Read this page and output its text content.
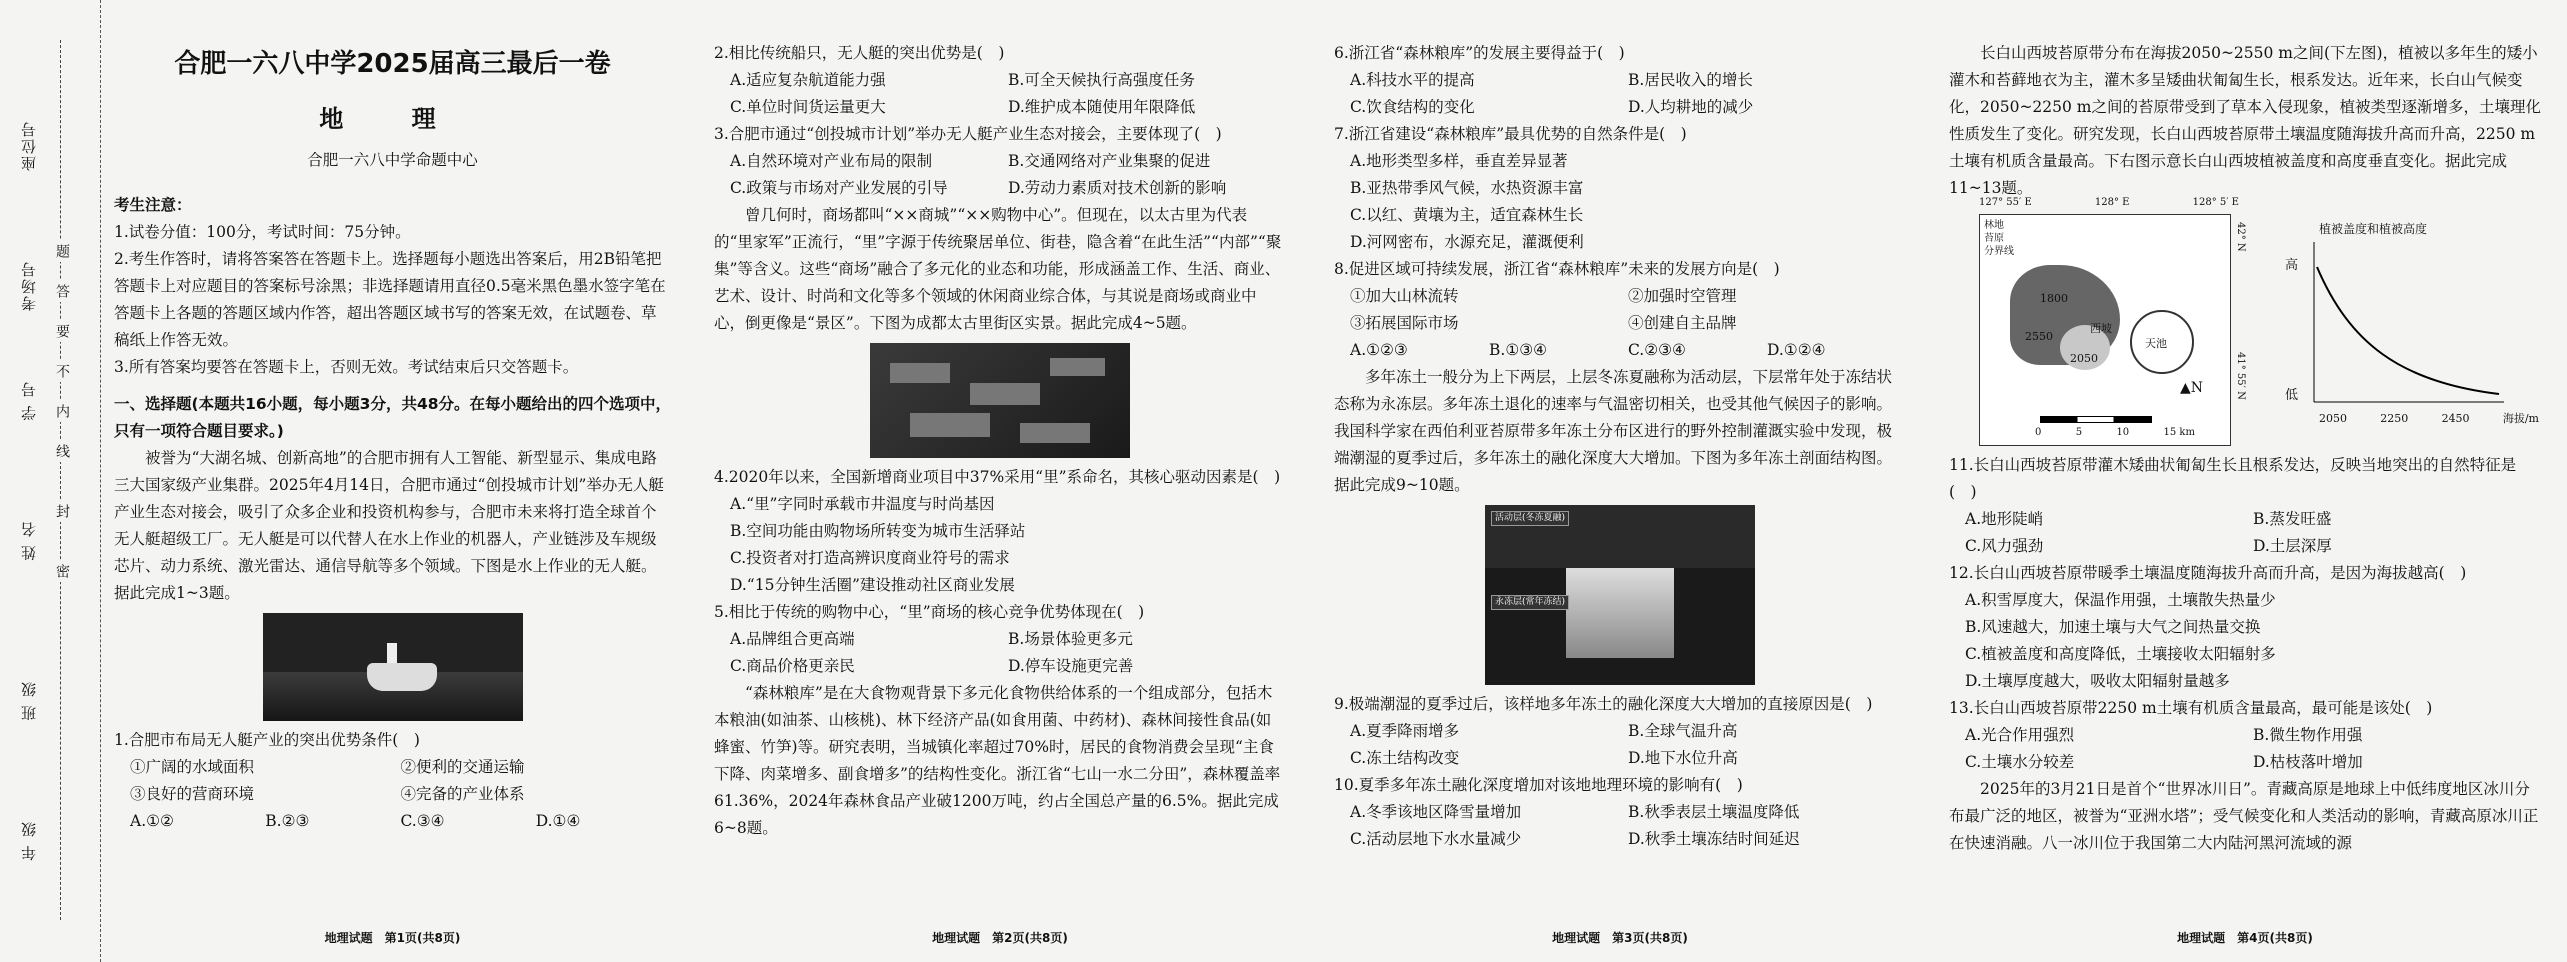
年 级
班 级
姓 名
学 号
考场号
座位号
密
封
线
内
不
要
答
题
合肥一六八中学2025届高三最后一卷
地 理
合肥一六八中学命题中心
考生注意：
1.试卷分值：100分，考试时间：75分钟。
2.考生作答时，请将答案答在答题卡上。选择题每小题选出答案后，用2B铅笔把答题卡上对应题目的答案标号涂黑；非选择题请用直径0.5毫米黑色墨水签字笔在答题卡上各题的答题区域内作答，超出答题区域书写的答案无效，在试题卷、草稿纸上作答无效。
3.所有答案均要答在答题卡上，否则无效。考试结束后只交答题卡。
一、选择题(本题共16小题，每小题3分，共48分。在每小题给出的四个选项中，只有一项符合题目要求。)

被誉为“大湖名城、创新高地”的合肥市拥有人工智能、新型显示、集成电路三大国家级产业集群。2025年4月14日，合肥市通过“创投城市计划”举办无人艇产业生态对接会，吸引了众多企业和投资机构参与，合肥市未来将打造全球首个无人艇超级工厂。无人艇是可以代替人在水上作业的机器人，产业链涉及车规级芯片、动力系统、激光雷达、通信导航等多个领域。下图是水上作业的无人艇。据此完成1~3题。

1.合肥市布局无人艇产业的突出优势条件(　)
①广阔的水域面积	②便利的交通运输
③良好的营商环境	④完备的产业体系
A.①②	B.②③	C.③④	D.①④
地理试题　第1页(共8页)
2.相比传统船只，无人艇的突出优势是(　)
A.适应复杂航道能力强	B.可全天候执行高强度任务
C.单位时间货运量更大	D.维护成本随使用年限降低
3.合肥市通过“创投城市计划”举办无人艇产业生态对接会，主要体现了(　)
A.自然环境对产业布局的限制	B.交通网络对产业集聚的促进
C.政策与市场对产业发展的引导	D.劳动力素质对技术创新的影响

曾几何时，商场都叫“××商城”“××购物中心”。但现在，以太古里为代表的“里家军”正流行，“里”字源于传统聚居单位、街巷，隐含着“在此生活”“内部”“聚集”等含义。这些“商场”融合了多元化的业态和功能，形成涵盖工作、生活、商业、艺术、设计、时尚和文化等多个领域的休闲商业综合体，与其说是商场或商业中心，倒更像是“景区”。下图为成都太古里街区实景。据此完成4~5题。

4.2020年以来，全国新增商业项目中37%采用“里”系命名，其核心驱动因素是(　)
A.“里”字同时承载市井温度与时尚基因
B.空间功能由购物场所转变为城市生活驿站
C.投资者对打造高辨识度商业符号的需求
D.“15分钟生活圈”建设推动社区商业发展
5.相比于传统的购物中心，“里”商场的核心竞争优势体现在(　)
A.品牌组合更高端	B.场景体验更多元
C.商品价格更亲民	D.停车设施更完善

“森林粮库”是在大食物观背景下多元化食物供给体系的一个组成部分，包括木本粮油(如油茶、山核桃)、林下经济产品(如食用菌、中药材)、森林间接性食品(如蜂蜜、竹笋)等。研究表明，当城镇化率超过70%时，居民的食物消费会呈现“主食下降、肉菜增多、副食增多”的结构性变化。浙江省“七山一水二分田”，森林覆盖率61.36%，2024年森林食品产业破1200万吨，约占全国总产量的6.5%。据此完成6~8题。

地理试题　第2页(共8页)
6.浙江省“森林粮库”的发展主要得益于(　)
A.科技水平的提高	B.居民收入的增长
C.饮食结构的变化	D.人均耕地的减少
7.浙江省建设“森林粮库”最具优势的自然条件是(　)
A.地形类型多样，垂直差异显著
B.亚热带季风气候，水热资源丰富
C.以红、黄壤为主，适宜森林生长
D.河网密布，水源充足，灌溉便利
8.促进区域可持续发展，浙江省“森林粮库”未来的发展方向是(　)
①加大山林流转	②加强时空管理
③拓展国际市场	④创建自主品牌
A.①②③	B.①③④	C.②③④	D.①②④

多年冻土一般分为上下两层，上层冬冻夏融称为活动层，下层常年处于冻结状态称为永冻层。多年冻土退化的速率与气温密切相关，也受其他气候因子的影响。我国科学家在西伯利亚苔原带多年冻土分布区进行的野外控制灌溉实验中发现，极端潮湿的夏季过后，多年冻土的融化深度大大增加。下图为多年冻土剖面结构图。据此完成9~10题。

活动层(冬冻夏融)
永冻层(常年冻结)
9.极端潮湿的夏季过后，该样地多年冻土的融化深度大大增加的直接原因是(　)
A.夏季降雨增多	B.全球气温升高
C.冻土结构改变	D.地下水位升高
10.夏季多年冻土融化深度增加对该地地理环境的影响有(　)
A.冬季该地区降雪量增加	B.秋季表层土壤温度降低
C.活动层地下水水量减少	D.秋季土壤冻结时间延迟
地理试题　第3页(共8页)

长白山西坡苔原带分布在海拔2050~2550 m之间(下左图)，植被以多年生的矮小灌木和苔藓地衣为主，灌木多呈矮曲状匍匐生长，根系发达。近年来，长白山气候变化，2050~2250 m之间的苔原带受到了草本入侵现象，植被类型逐渐增多，土壤理化性质发生了变化。研究发现，长白山西坡苔原带土壤温度随海拔升高而升高，2250 m土壤有机质含量最高。下右图示意长白山西坡植被盖度和高度垂直变化。据此完成11~13题。

林地
苔原
分界线
1800
2550
2050
西坡
天池
▲N
0	5	10	15 km
127° 55′ E	128° E	128° 5′ E
42° N
41° 55′ N
植被盖度和植被高度
高
低
2050	2250	2450	海拔/m
11.长白山西坡苔原带灌木矮曲状匍匐生长且根系发达，反映当地突出的自然特征是(　)
A.地形陡峭	B.蒸发旺盛
C.风力强劲	D.土层深厚
12.长白山西坡苔原带暖季土壤温度随海拔升高而升高，是因为海拔越高(　)
A.积雪厚度大，保温作用强，土壤散失热量少
B.风速越大，加速土壤与大气之间热量交换
C.植被盖度和高度降低，土壤接收太阳辐射多
D.土壤厚度越大，吸收太阳辐射量越多
13.长白山西坡苔原带2250 m土壤有机质含量最高，最可能是该处(　)
A.光合作用强烈	B.微生物作用强
C.土壤水分较差	D.枯枝落叶增加

2025年的3月21日是首个“世界冰川日”。青藏高原是地球上中低纬度地区冰川分布最广泛的地区，被誉为“亚洲水塔”；受气候变化和人类活动的影响，青藏高原冰川正在快速消融。八一冰川位于我国第二大内陆河黑河流域的源

地理试题　第4页(共8页)
